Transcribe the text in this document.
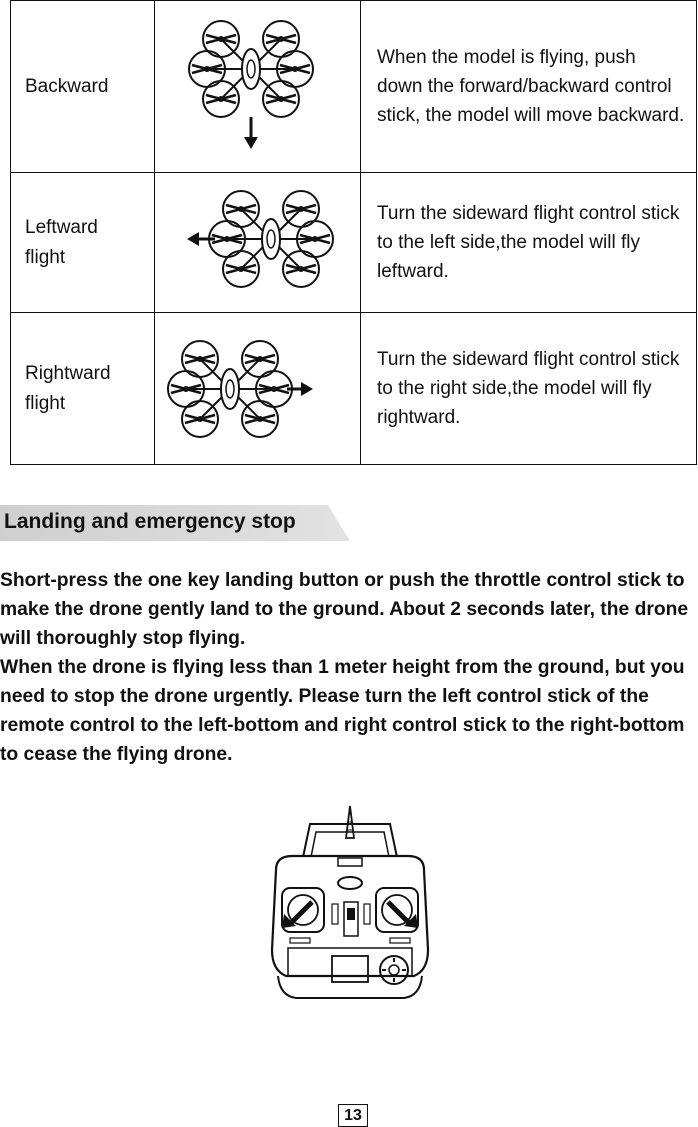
Backward		When the model is flying, push down the forward/backward control stick, the model will move backward.

Leftward
flight		Turn the sideward flight control stick to the left side,the model will fly leftward.

Rightward
flight		Turn the sideward flight control stick to the right side,the model will fly rightward.
Landing and emergency stop

Short-press the one key landing button or push the throttle control stick to make the drone gently land to the ground. About 2 seconds later, the drone will thoroughly stop flying.

When the drone is flying less than 1 meter height from the ground, but you need to stop the drone urgently. Please turn the left control stick of the remote control to the left-bottom and right control stick to the right-bottom to cease the flying drone.

13
